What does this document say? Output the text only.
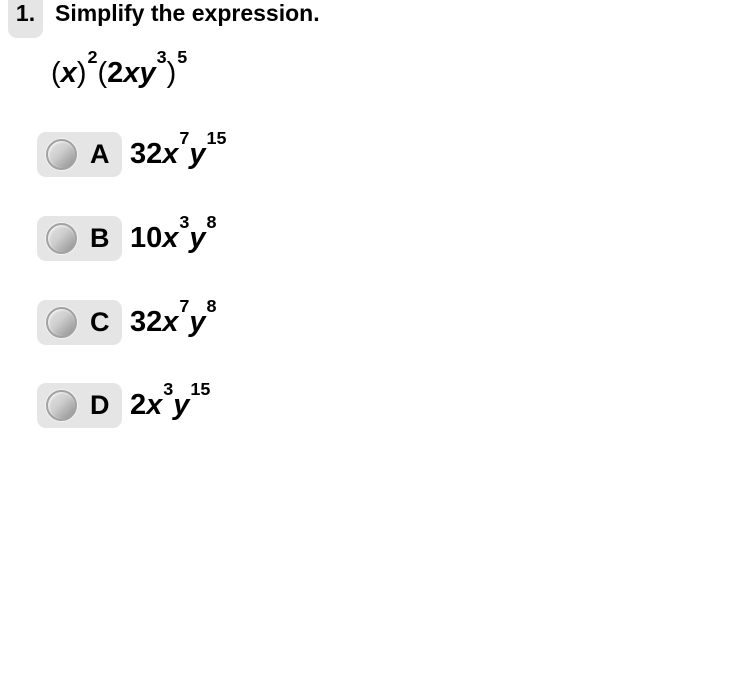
1. Simplify the expression.
$(x)^2(2xy^3)^5$
A $32x^7y^{15}$
B $10x^3y^8$
C $32x^7y^8$
D $2x^3y^{15}$
